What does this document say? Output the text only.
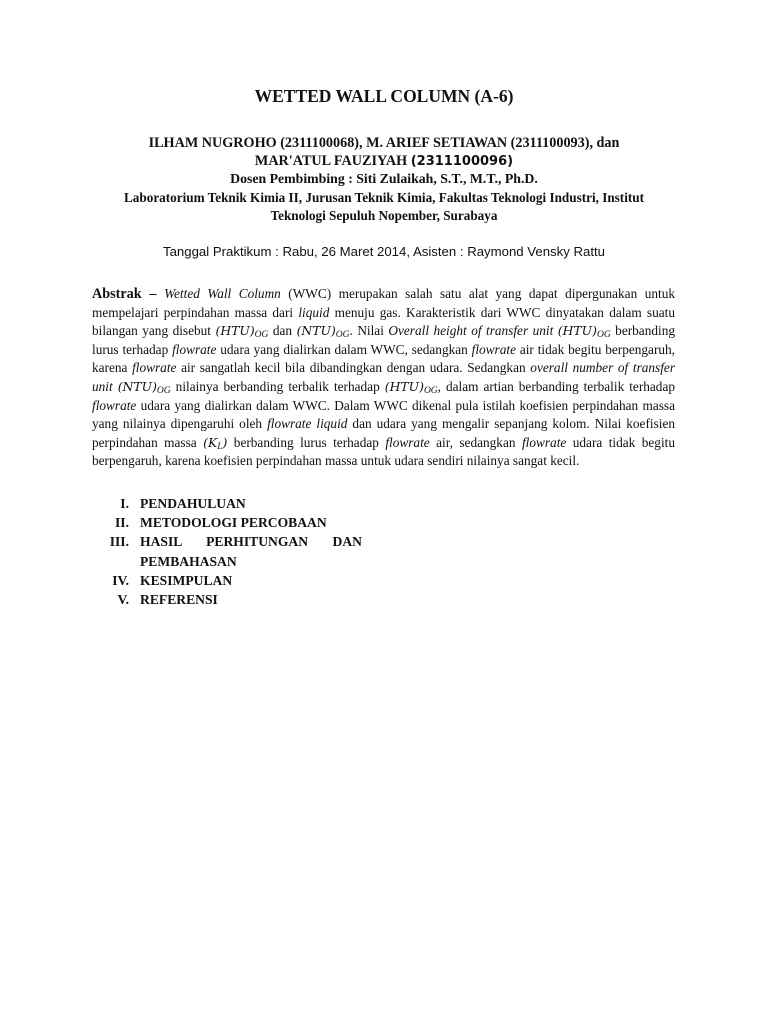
WETTED WALL COLUMN (A-6)
ILHAM NUGROHO (2311100068), M. ARIEF SETIAWAN (2311100093), dan
MAR'ATUL FAUZIYAH (2311100096)
Dosen Pembimbing : Siti Zulaikah, S.T., M.T., Ph.D.
Laboratorium Teknik Kimia II, Jurusan Teknik Kimia, Fakultas Teknologi Industri, Institut
Teknologi Sepuluh Nopember, Surabaya
Tanggal Praktikum : Rabu, 26 Maret 2014, Asisten : Raymond Vensky Rattu
Abstrak – Wetted Wall Column (WWC) merupakan salah satu alat yang dapat dipergunakan untuk mempelajari perpindahan massa dari liquid menuju gas. Karakteristik dari WWC dinyatakan dalam suatu bilangan yang disebut $(HTU)_{OG}$ dan $(NTU)_{OG}$. Nilai Overall height of transfer unit $(HTU)_{OG}$ berbanding lurus terhadap flowrate udara yang dialirkan dalam WWC, sedangkan flowrate air tidak begitu berpengaruh, karena flowrate air sangatlah kecil bila dibandingkan dengan udara. Sedangkan overall number of transfer unit $(NTU)_{OG}$ nilainya berbanding terbalik terhadap $(HTU)_{OG}$, dalam artian berbanding terbalik terhadap flowrate udara yang dialirkan dalam WWC. Dalam WWC dikenal pula istilah koefisien perpindahan massa yang nilainya dipengaruhi oleh flowrate liquid dan udara yang mengalir sepanjang kolom. Nilai koefisien perpindahan massa $(K_L)$ berbanding lurus terhadap flowrate air, sedangkan flowrate udara tidak begitu berpengaruh, karena koefisien perpindahan massa untuk udara sendiri nilainya sangat kecil.
I. PENDAHULUAN
II. METODOLOGI PERCOBAAN
III. HASIL PERHITUNGAN DAN PEMBAHASAN
IV. KESIMPULAN
V. REFERENSI
